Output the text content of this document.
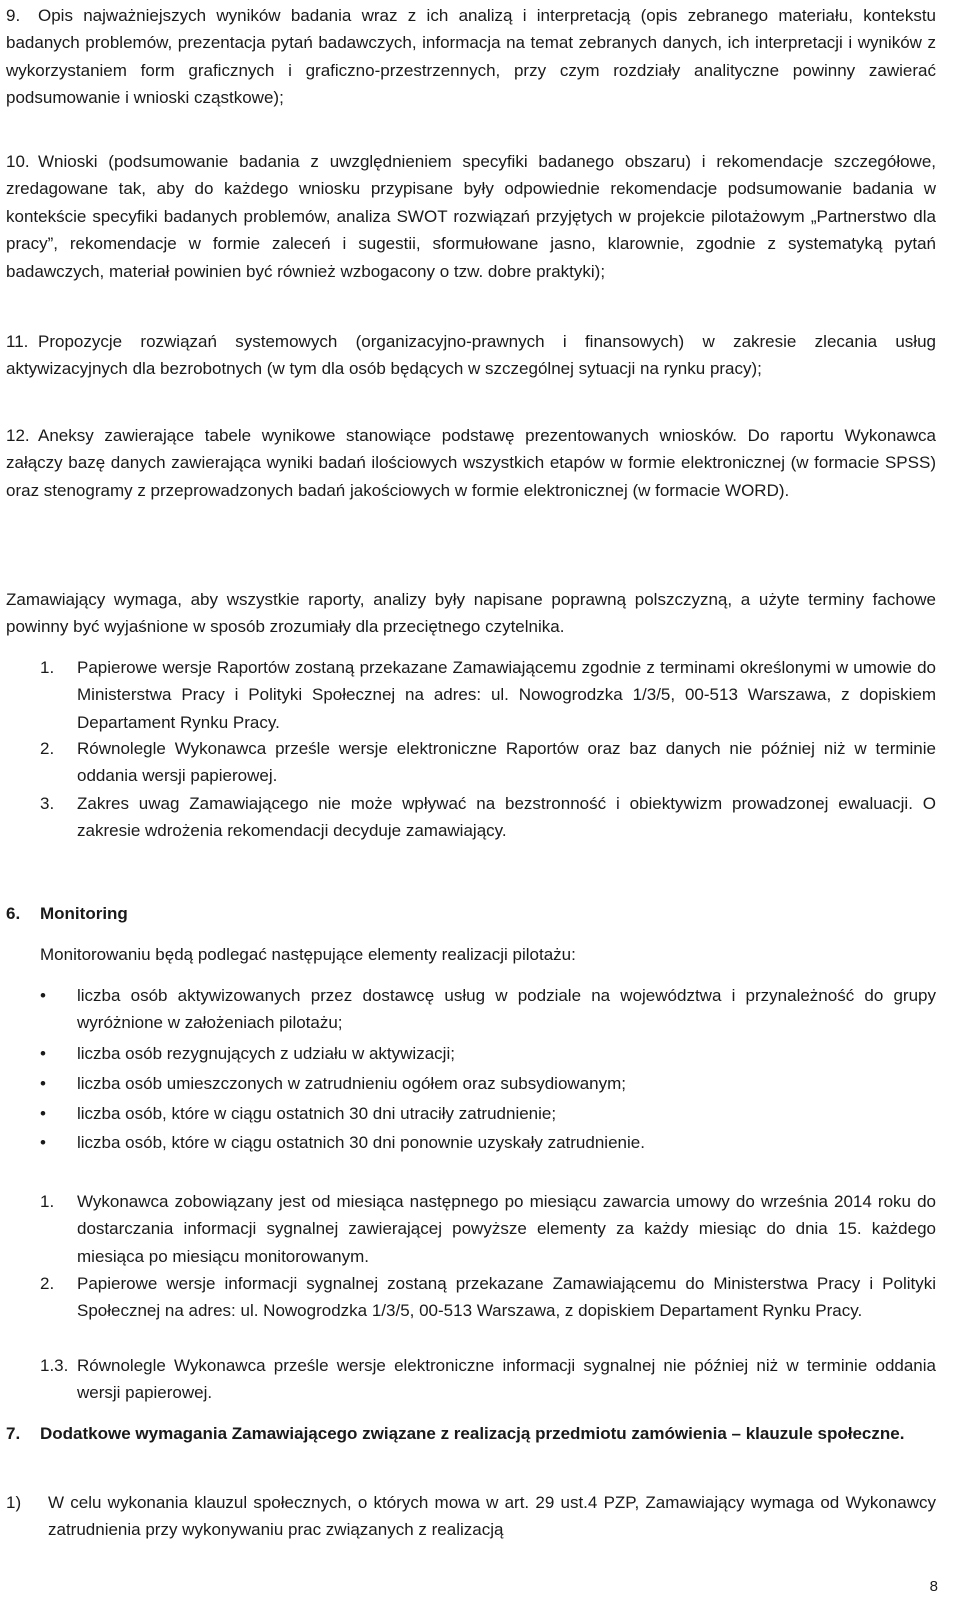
9.	Opis najważniejszych wyników badania wraz z ich analizą i interpretacją (opis zebranego materiału, kontekstu badanych problemów, prezentacja pytań badawczych, informacja na temat zebranych danych, ich interpretacji i wyników z wykorzystaniem form graficznych i graficzno-przestrzennych, przy czym rozdziały analityczne powinny zawierać podsumowanie i wnioski cząstkowe);
10. Wnioski (podsumowanie badania z uwzględnieniem specyfiki badanego obszaru) i rekomendacje szczegółowe, zredagowane tak, aby do każdego wniosku przypisane były odpowiednie rekomendacje podsumowanie badania w kontekście specyfiki badanych problemów, analiza SWOT rozwiązań przyjętych w projekcie pilotażowym „Partnerstwo dla pracy”, rekomendacje w formie zaleceń i sugestii, sformułowane jasno, klarownie, zgodnie z systematyką pytań badawczych, materiał powinien być również wzbogacony o tzw. dobre praktyki);
11. Propozycje rozwiązań systemowych (organizacyjno-prawnych i finansowych) w zakresie zlecania usług aktywizacyjnych dla bezrobotnych (w tym dla osób będących w szczególnej sytuacji na rynku pracy);
12. Aneksy zawierające tabele wynikowe stanowiące podstawę prezentowanych wniosków. Do raportu Wykonawca załączy bazę danych zawierająca wyniki badań ilościowych wszystkich etapów w formie elektronicznej (w formacie SPSS) oraz stenogramy z przeprowadzonych badań jakościowych w formie elektronicznej (w formacie WORD).
Zamawiający wymaga, aby wszystkie raporty, analizy były napisane poprawną polszczyzną, a użyte terminy fachowe powinny być wyjaśnione w sposób zrozumiały dla przeciętnego czytelnika.
1.	Papierowe wersje Raportów zostaną przekazane Zamawiającemu zgodnie z terminami określonymi w umowie do Ministerstwa Pracy i Polityki Społecznej na adres: ul. Nowogrodzka 1/3/5, 00-513 Warszawa, z dopiskiem Departament Rynku Pracy.
2.	Równolegle Wykonawca prześle wersje elektroniczne Raportów oraz baz danych nie później niż w terminie oddania wersji papierowej.
3.	Zakres uwag Zamawiającego nie może wpływać na bezstronność i obiektywizm prowadzonej ewaluacji. O zakresie wdrożenia rekomendacji decyduje zamawiający.
6. Monitoring
Monitorowaniu będą podlegać następujące elementy realizacji pilotażu:
•	liczba osób aktywizowanych przez dostawcę usług w podziale na województwa i przynależność do grupy wyróżnione w założeniach pilotażu;
•	liczba osób rezygnujących z udziału w aktywizacji;
•	liczba osób umieszczonych w zatrudnieniu ogółem oraz subsydiowanym;
•	liczba osób, które w ciągu ostatnich 30 dni utraciły zatrudnienie;
•	liczba osób, które w ciągu ostatnich 30 dni ponownie uzyskały zatrudnienie.
1.	Wykonawca zobowiązany jest od miesiąca następnego po miesiącu zawarcia umowy do września 2014 roku do dostarczania informacji sygnalnej zawierającej powyższe elementy za każdy miesiąc do dnia 15. każdego miesiąca po miesiącu monitorowanym.
2.	Papierowe wersje informacji sygnalnej zostaną przekazane Zamawiającemu do Ministerstwa Pracy i Polityki Społecznej na adres: ul. Nowogrodzka 1/3/5, 00-513 Warszawa, z dopiskiem Departament Rynku Pracy.
1.3. Równolegle Wykonawca prześle wersje elektroniczne informacji sygnalnej nie później niż w terminie oddania wersji papierowej.
7.	Dodatkowe wymagania Zamawiającego związane z realizacją przedmiotu zamówienia – klauzule społeczne.
1)	W celu wykonania klauzul społecznych, o których mowa w art. 29 ust.4 PZP, Zamawiający wymaga od Wykonawcy zatrudnienia przy wykonywaniu prac związanych z realizacją
8
